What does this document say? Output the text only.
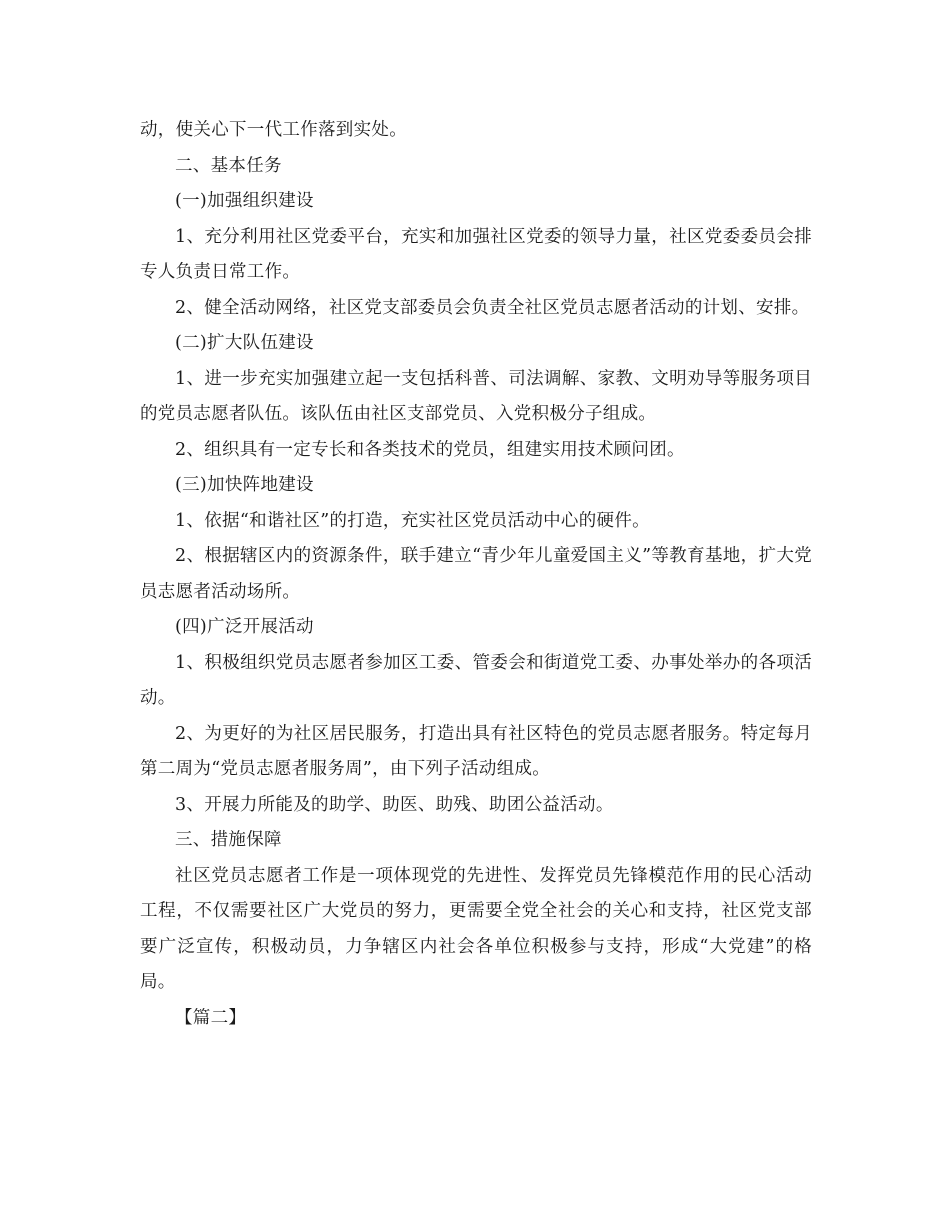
动，使关心下一代工作落到实处。

二、基本任务

(一)加强组织建设

1、充分利用社区党委平台，充实和加强社区党委的领导力量，社区党委委员会排专人负责日常工作。

2、健全活动网络，社区党支部委员会负责全社区党员志愿者活动的计划、安排。

(二)扩大队伍建设

1、进一步充实加强建立起一支包括科普、司法调解、家教、文明劝导等服务项目的党员志愿者队伍。该队伍由社区支部党员、入党积极分子组成。

2、组织具有一定专长和各类技术的党员，组建实用技术顾问团。

(三)加快阵地建设

1、依据“和谐社区”的打造，充实社区党员活动中心的硬件。

2、根据辖区内的资源条件，联手建立“青少年儿童爱国主义”等教育基地，扩大党员志愿者活动场所。

(四)广泛开展活动

1、积极组织党员志愿者参加区工委、管委会和街道党工委、办事处举办的各项活动。

2、为更好的为社区居民服务，打造出具有社区特色的党员志愿者服务。特定每月第二周为“党员志愿者服务周”，由下列子活动组成。

3、开展力所能及的助学、助医、助残、助团公益活动。

三、措施保障

社区党员志愿者工作是一项体现党的先进性、发挥党员先锋模范作用的民心活动工程，不仅需要社区广大党员的努力，更需要全党全社会的关心和支持，社区党支部要广泛宣传，积极动员，力争辖区内社会各单位积极参与支持，形成“大党建”的格局。

【篇二】
